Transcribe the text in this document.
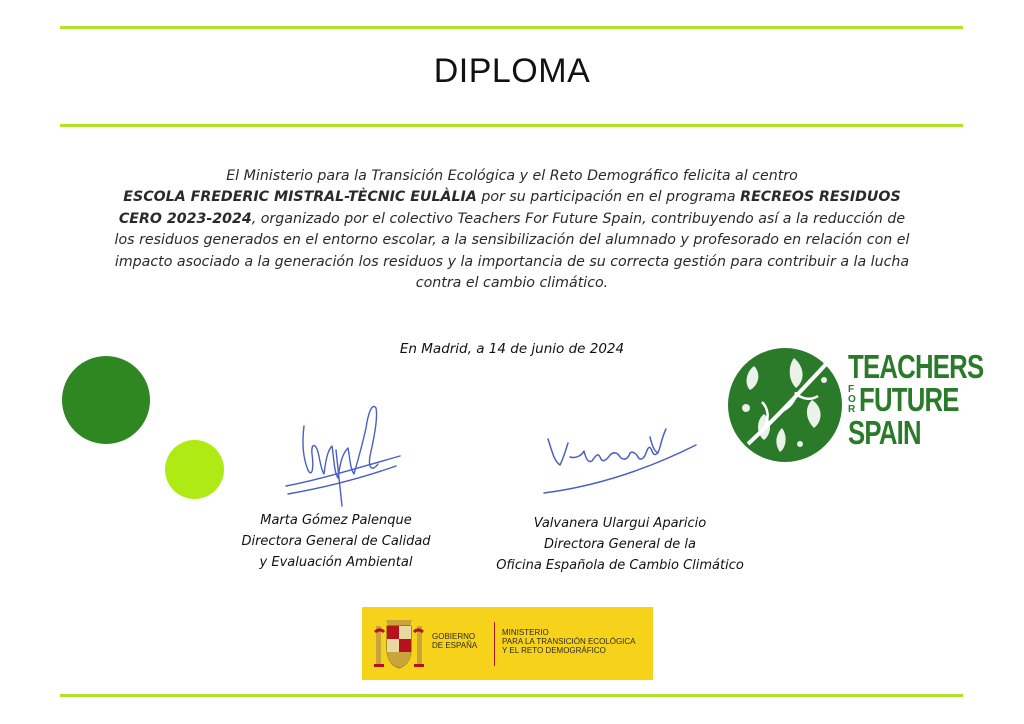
DIPLOMA
El Ministerio para la Transición Ecológica y el Reto Demográfico felicita al centro
ESCOLA FREDERIC MISTRAL-TÈCNIC EULÀLIA por su participación en el programa RECREOS RESIDUOS CERO 2023-2024, organizado por el colectivo Teachers For Future Spain, contribuyendo así a la reducción de los residuos generados en el entorno escolar, a la sensibilización del alumnado y profesorado en relación con el impacto asociado a la generación los residuos y la importancia de su correcta gestión para contribuir a la lucha contra el cambio climático.
En Madrid, a 14 de junio de 2024
Marta Gómez Palenque
Directora General de Calidad
y Evaluación Ambiental
Valvanera Ulargui Aparicio
Directora General de la
Oficina Española de Cambio Climático
TEACHERS
F
O
R FUTURE
SPAIN
GOBIERNO
DE ESPAÑA
MINISTERIO
PARA LA TRANSICIÓN ECOLÓGICA
Y EL RETO DEMOGRÁFICO
